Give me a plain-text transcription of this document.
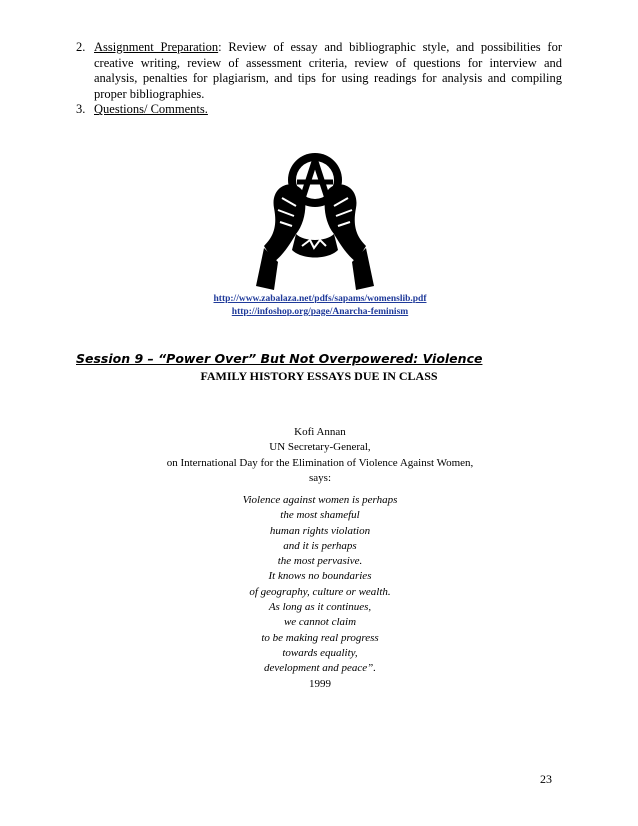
2. Assignment Preparation: Review of essay and bibliographic style, and possibilities for creative writing, review of assessment criteria, review of questions for interview and analysis, penalties for plagiarism, and tips for using readings for analysis and compiling proper bibliographies.
3. Questions/ Comments.
http://www.zabalaza.net/pdfs/sapams/womenslib.pdf
http://infoshop.org/page/Anarcha-feminism
Session 9 – “Power Over” But Not Overpowered: Violence
FAMILY HISTORY ESSAYS DUE IN CLASS
Kofi Annan
UN Secretary-General,
on International Day for the Elimination of Violence Against Women,
says:
Violence against women is perhaps
the most shameful
human rights violation
and it is perhaps
the most pervasive.
It knows no boundaries
of geography, culture or wealth.
As long as it continues,
we cannot claim
to be making real progress
towards equality,
development and peace”.
1999
23
